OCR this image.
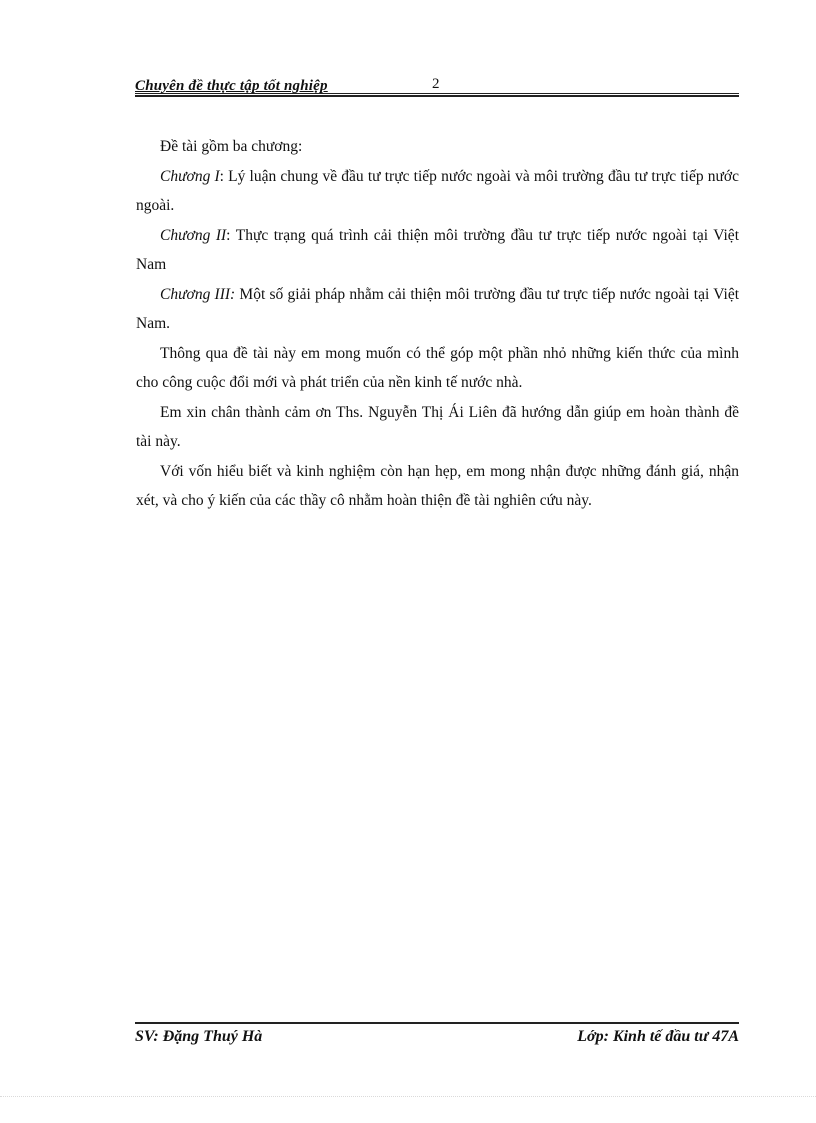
Chuyên đề thực tập tốt nghiệp	2

Đề tài gồm ba chương:

Chương I: Lý luận chung về đầu tư trực tiếp nước ngoài và môi trường đầu tư trực tiếp nước ngoài.

Chương II: Thực trạng quá trình cải thiện môi trường đầu tư trực tiếp nước ngoài tại Việt Nam

Chương III: Một số giải pháp nhằm cải thiện môi trường đầu tư trực tiếp nước ngoài tại Việt Nam.

Thông qua đề tài này em mong muốn có thể góp một phần nhỏ những kiến thức của mình cho công cuộc đổi mới và phát triển của nền kinh tế nước nhà.

Em xin chân thành cảm ơn Ths. Nguyễn Thị Ái Liên đã hướng dẫn giúp em hoàn thành đề tài này.

Với vốn hiểu biết và kinh nghiệm còn hạn hẹp, em mong nhận được những đánh giá, nhận xét, và cho ý kiến của các thầy cô nhằm hoàn thiện đề tài nghiên cứu này.

SV: Đặng Thuý Hà	Lớp: Kinh tế đầu tư 47A
